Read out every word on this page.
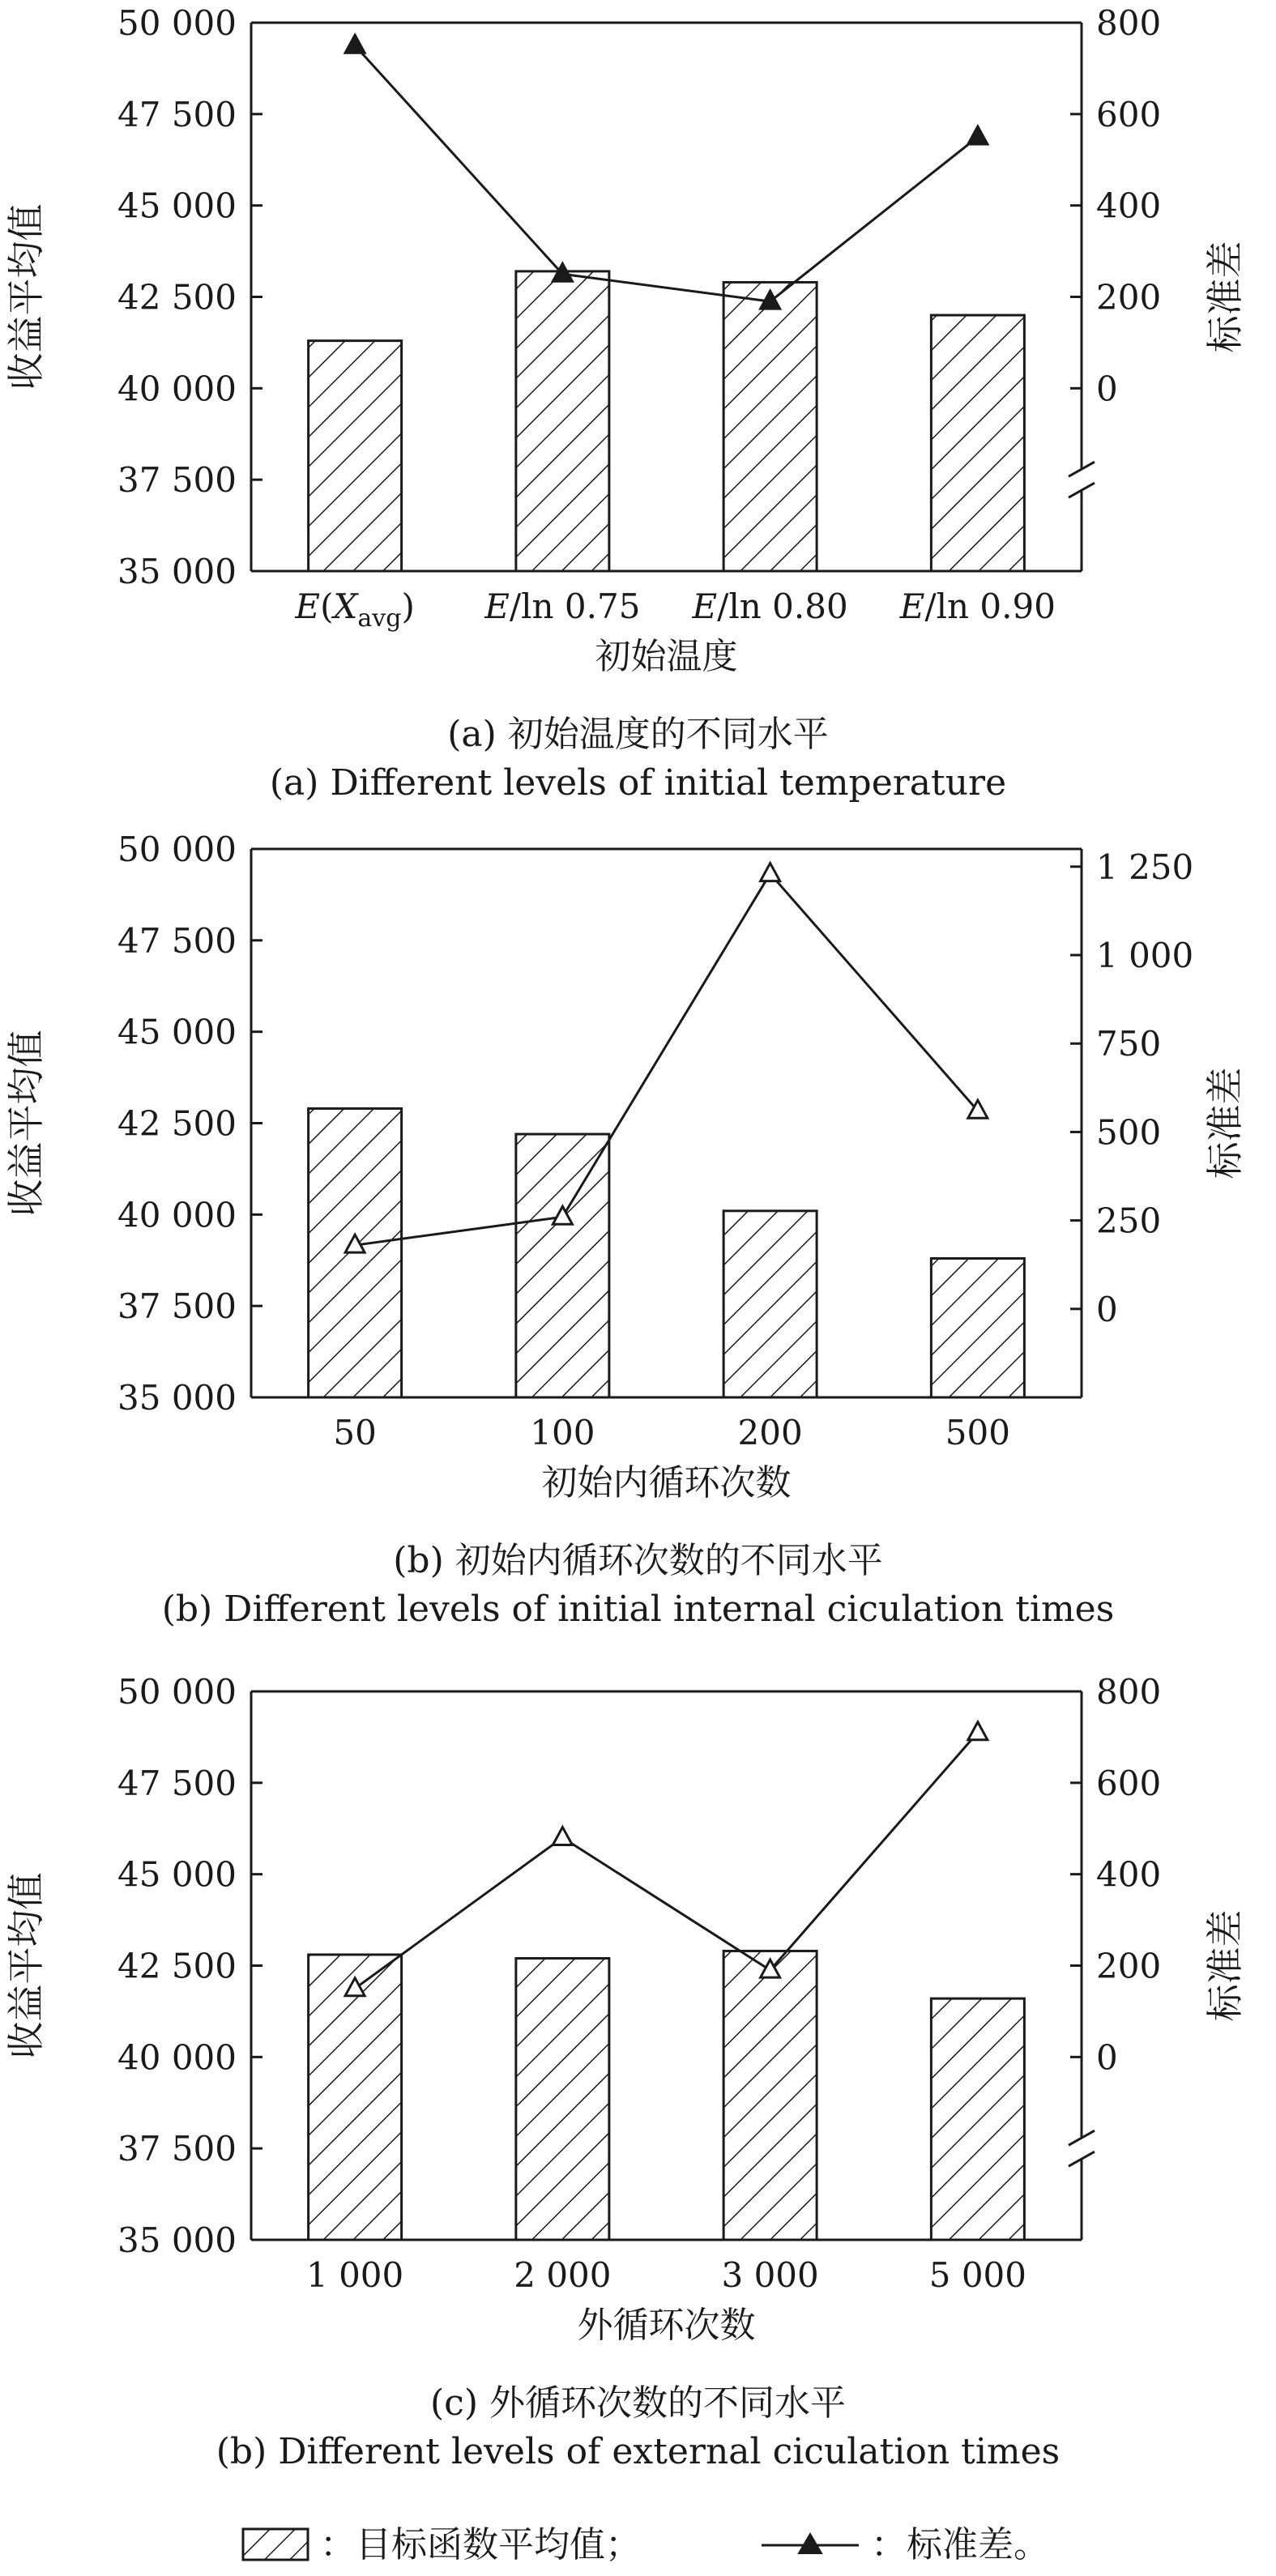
35 000
37 500
40 000
42 500
45 000
47 500
50 000
0
200
400
600
800
$E(X_{avg})$ E/ln 0.75 E/ln 0.80 E/ln 0.90
初始温度
收益平均值	标准差
(a) 初始温度的不同水平
(a) Different levels of initial temperature
35 000
37 500
40 000
42 500
45 000
47 500
50 000
0
250
500
750
1 000
1 250
50	100	200	500
初始内循环次数
收益平均值	标准差
(b) 初始内循环次数的不同水平
(b) Different levels of initial internal ciculation times
35 000
37 500
40 000
42 500
45 000
47 500
50 000
0
200
400
600
800
1 000	2 000	3 000	5 000
外循环次数
收益平均值	标准差
(c) 外循环次数的不同水平
(b) Different levels of external ciculation times
：目标函数平均值；	：标准差。
